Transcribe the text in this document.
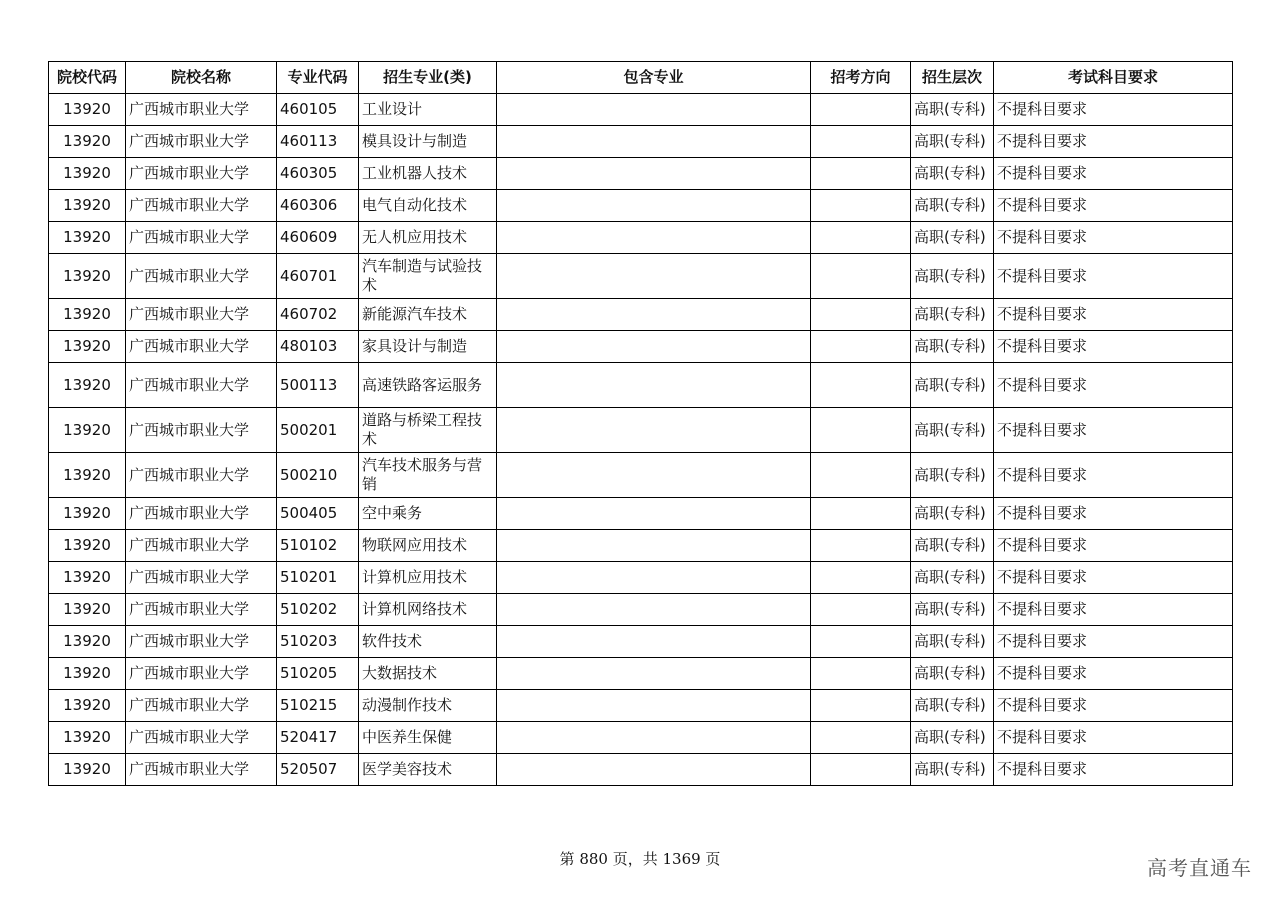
院校代码	院校名称	专业代码	招生专业(类)	包含专业	招考方向	招生层次	考试科目要求
13920	广西城市职业大学	460105	工业设计			高职(专科)	不提科目要求
13920	广西城市职业大学	460113	模具设计与制造			高职(专科)	不提科目要求
13920	广西城市职业大学	460305	工业机器人技术			高职(专科)	不提科目要求
13920	广西城市职业大学	460306	电气自动化技术			高职(专科)	不提科目要求
13920	广西城市职业大学	460609	无人机应用技术			高职(专科)	不提科目要求
13920	广西城市职业大学	460701	汽车制造与试验技术			高职(专科)	不提科目要求
13920	广西城市职业大学	460702	新能源汽车技术			高职(专科)	不提科目要求
13920	广西城市职业大学	480103	家具设计与制造			高职(专科)	不提科目要求
13920	广西城市职业大学	500113	高速铁路客运服务			高职(专科)	不提科目要求
13920	广西城市职业大学	500201	道路与桥梁工程技术			高职(专科)	不提科目要求
13920	广西城市职业大学	500210	汽车技术服务与营销			高职(专科)	不提科目要求
13920	广西城市职业大学	500405	空中乘务			高职(专科)	不提科目要求
13920	广西城市职业大学	510102	物联网应用技术			高职(专科)	不提科目要求
13920	广西城市职业大学	510201	计算机应用技术			高职(专科)	不提科目要求
13920	广西城市职业大学	510202	计算机网络技术			高职(专科)	不提科目要求
13920	广西城市职业大学	510203	软件技术			高职(专科)	不提科目要求
13920	广西城市职业大学	510205	大数据技术			高职(专科)	不提科目要求
13920	广西城市职业大学	510215	动漫制作技术			高职(专科)	不提科目要求
13920	广西城市职业大学	520417	中医养生保健			高职(专科)	不提科目要求
13920	广西城市职业大学	520507	医学美容技术			高职(专科)	不提科目要求
第 880 页，共 1369 页	高考直通车
